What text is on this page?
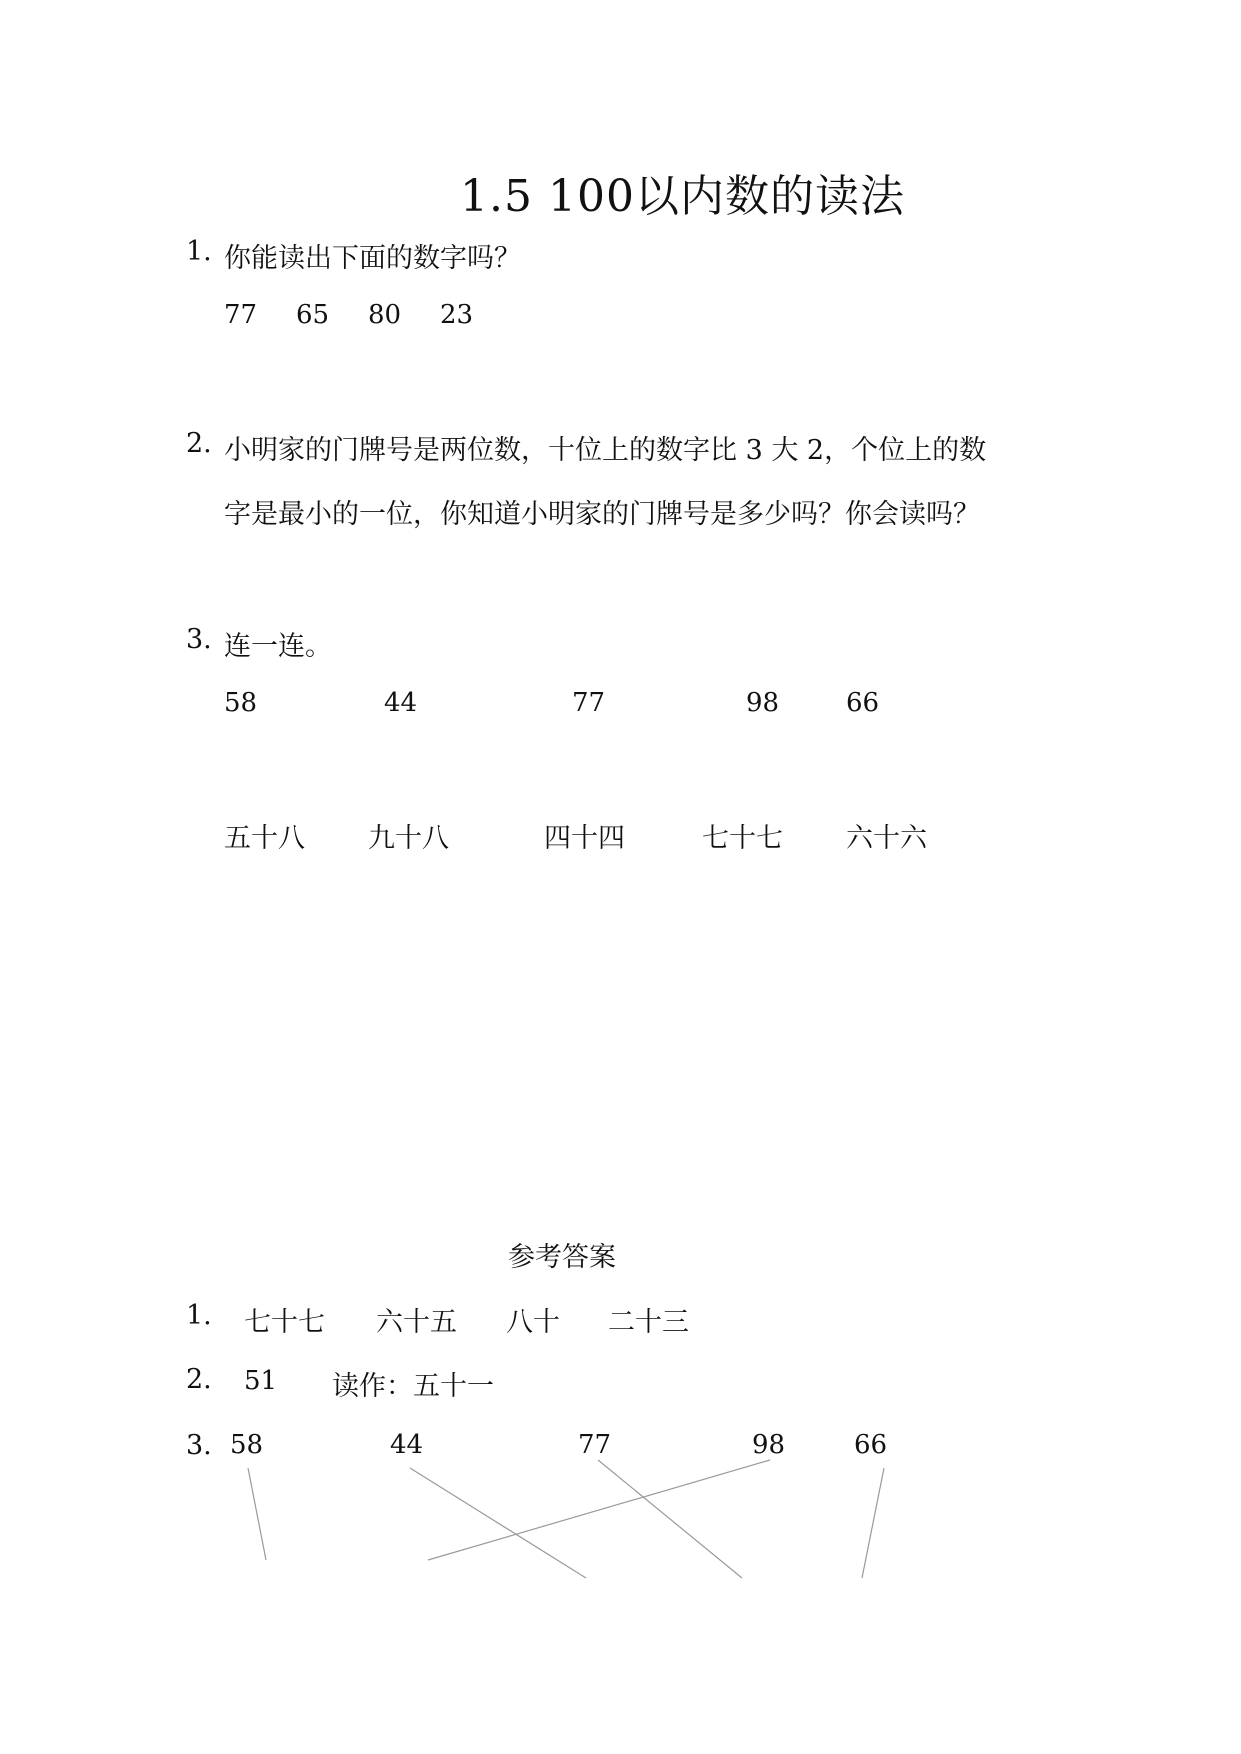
1.5 100以内数的读法
1. 你能读出下面的数字吗？
77 65 80 23
2. 小明家的门牌号是两位数，十位上的数字比 3 大 2，个位上的数
字是最小的一位，你知道小明家的门牌号是多少吗？你会读吗？
3. 连一连。
58	44	77	98	66
五十八 九十八	四十四	七十七 六十六
参考答案
1. 七十七 六十五 八十 二十三
2. 51 读作：五十一
3. 58	44	77	98	66
